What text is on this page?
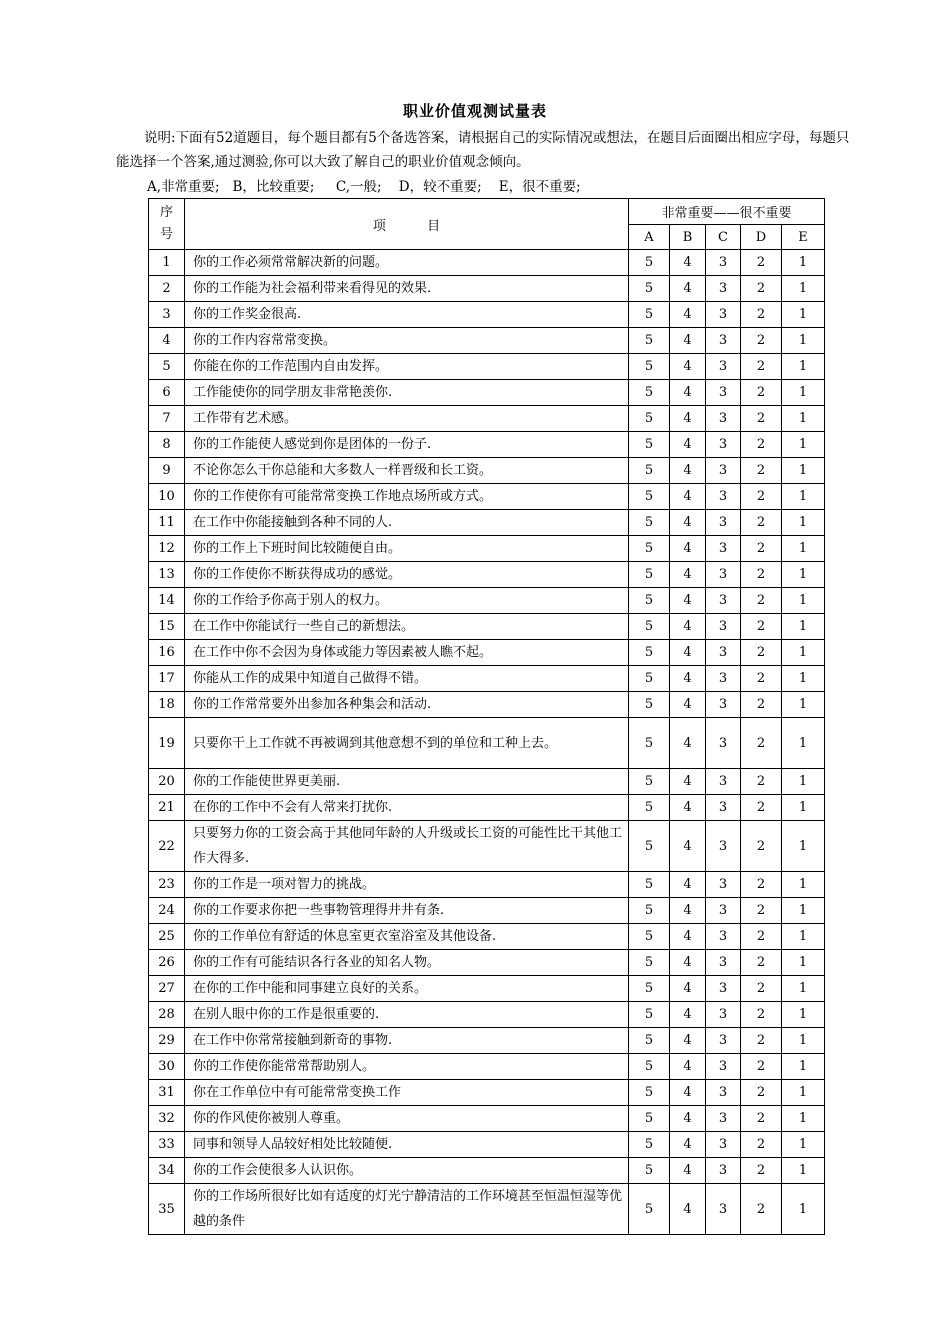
职业价值观测试量表

说明:下面有52道题目，每个题目都有5个备选答案，请根据自己的实际情况或想法，在题目后面圈出相应字母，每题只能选择一个答案,通过测验,你可以大致了解自己的职业价值观念倾向。

A,非常重要;   B，比较重要;     C,一般;    D，较不重要;    E，很不重要;
序
号	项          目	非常重要——很不重要				
		A	B	C	D	E
1	你的工作必须常常解决新的问题。	5	4	3	2	1
2	你的工作能为社会福利带来看得见的效果.	5	4	3	2	1
3	你的工作奖金很高.	5	4	3	2	1
4	你的工作内容常常变换。	5	4	3	2	1
5	你能在你的工作范围内自由发挥。	5	4	3	2	1
6	工作能使你的同学朋友非常艳羡你.	5	4	3	2	1
7	工作带有艺术感。	5	4	3	2	1
8	你的工作能使人感觉到你是团体的一份子.	5	4	3	2	1
9	不论你怎么干你总能和大多数人一样晋级和长工资。	5	4	3	2	1
10	你的工作使你有可能常常变换工作地点场所或方式。	5	4	3	2	1
11	在工作中你能接触到各种不同的人.	5	4	3	2	1
12	你的工作上下班时间比较随便自由。	5	4	3	2	1
13	你的工作使你不断获得成功的感觉。	5	4	3	2	1
14	你的工作给予你高于别人的权力。	5	4	3	2	1
15	在工作中你能试行一些自己的新想法。	5	4	3	2	1
16	在工作中你不会因为身体或能力等因素被人瞧不起。	5	4	3	2	1
17	你能从工作的成果中知道自己做得不错。	5	4	3	2	1
18	你的工作常常要外出参加各种集会和活动.	5	4	3	2	1
19	只要你干上工作就不再被调到其他意想不到的单位和工种上去。	5	4	3	2	1
20	你的工作能使世界更美丽.	5	4	3	2	1
21	在你的工作中不会有人常来打扰你.	5	4	3	2	1
22	只要努力你的工资会高于其他同年龄的人升级或长工资的可能性比干其他工作大得多.	5	4	3	2	1
23	你的工作是一项对智力的挑战。	5	4	3	2	1
24	你的工作要求你把一些事物管理得井井有条.	5	4	3	2	1
25	你的工作单位有舒适的休息室更衣室浴室及其他设备.	5	4	3	2	1
26	你的工作有可能结识各行各业的知名人物。	5	4	3	2	1
27	在你的工作中能和同事建立良好的关系。	5	4	3	2	1
28	在别人眼中你的工作是很重要的.	5	4	3	2	1
29	在工作中你常常接触到新奇的事物.	5	4	3	2	1
30	你的工作使你能常常帮助别人。	5	4	3	2	1
31	你在工作单位中有可能常常变换工作	5	4	3	2	1
32	你的作风使你被别人尊重。	5	4	3	2	1
33	同事和领导人品较好相处比较随便.	5	4	3	2	1
34	你的工作会使很多人认识你。	5	4	3	2	1
35	你的工作场所很好比如有适度的灯光宁静清洁的工作环境甚至恒温恒湿等优越的条件	5	4	3	2	1
